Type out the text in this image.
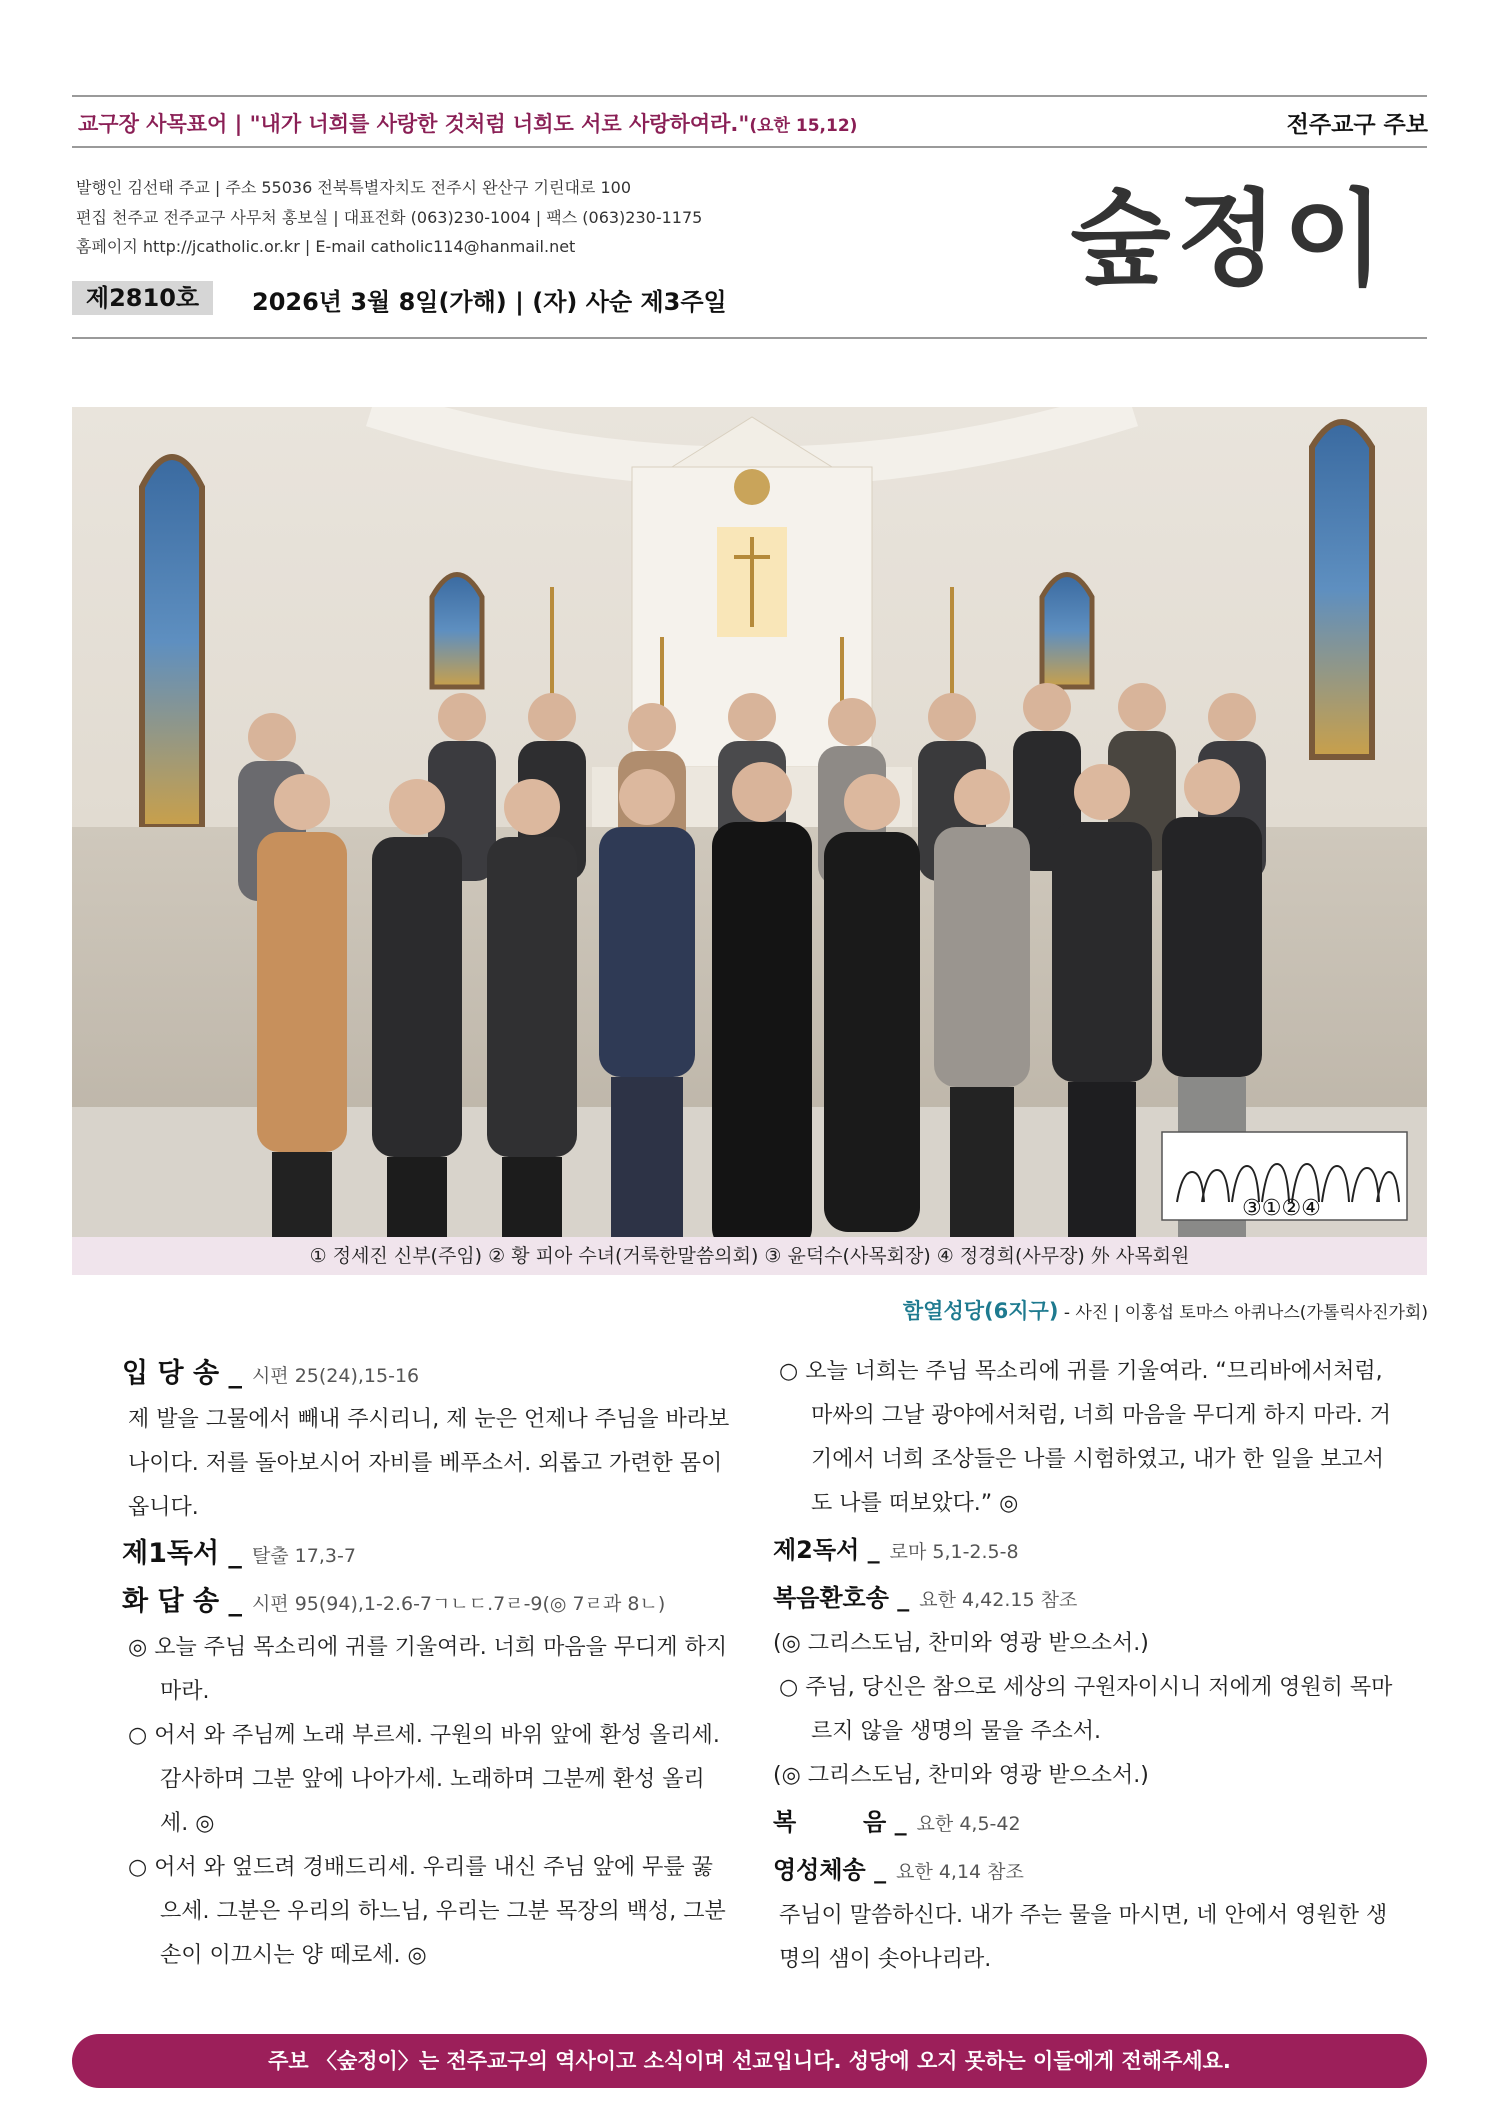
교구장 사목표어 | "내가 너희를 사랑한 것처럼 너희도 서로 사랑하여라."(요한 15,12)	전주교구 주보
발행인 김선태 주교 | 주소 55036 전북특별자치도 전주시 완산구 기린대로 100
편집 천주교 전주교구 사무처 홍보실 | 대표전화 (063)230-1004 | 팩스 (063)230-1175
홈페이지 http://jcatholic.or.kr | E-mail catholic114@hanmail.net
제2810호	2026년 3월 8일(가해) | (자) 사순 제3주일
숲정이
③①②④
① 정세진 신부(주임) ② 황 피아 수녀(거룩한말씀의회) ③ 윤덕수(사목회장) ④ 정경희(사무장) 外 사목회원
함열성당(6지구) - 사진 | 이홍섭 토마스 아퀴나스(가톨릭사진가회)
입 당 송 _ 시편 25(24),15-16
제 발을 그물에서 빼내 주시리니, 제 눈은 언제나 주님을 바라보나이다. 저를 돌아보시어 자비를 베푸소서. 외롭고 가련한 몸이옵니다.
제1독서 _ 탈출 17,3-7
화 답 송 _ 시편 95(94),1-2.6-7ㄱㄴㄷ.7ㄹ-9(◎ 7ㄹ과 8ㄴ)
◎ 오늘 주님 목소리에 귀를 기울여라. 너희 마음을 무디게 하지 마라.
○ 어서 와 주님께 노래 부르세. 구원의 바위 앞에 환성 올리세. 감사하며 그분 앞에 나아가세. 노래하며 그분께 환성 올리세. ◎
○ 어서 와 엎드려 경배드리세. 우리를 내신 주님 앞에 무릎 꿇으세. 그분은 우리의 하느님, 우리는 그분 목장의 백성, 그분 손이 이끄시는 양 떼로세. ◎
○ 오늘 너희는 주님 목소리에 귀를 기울여라. “므리바에서처럼, 마싸의 그날 광야에서처럼, 너희 마음을 무디게 하지 마라. 거기에서 너희 조상들은 나를 시험하였고, 내가 한 일을 보고서도 나를 떠보았다.” ◎
제2독서 _ 로마 5,1-2.5-8
복음환호송 _ 요한 4,42.15 참조
(◎ 그리스도님, 찬미와 영광 받으소서.)
○ 주님, 당신은 참으로 세상의 구원자이시니 저에게 영원히 목마르지 않을 생명의 물을 주소서.
(◎ 그리스도님, 찬미와 영광 받으소서.)
복        음 _ 요한 4,5-42
영성체송 _ 요한 4,14 참조
주님이 말씀하신다. 내가 주는 물을 마시면, 네 안에서 영원한 생명의 샘이 솟아나리라.
주보 〈숲정이〉는 전주교구의 역사이고 소식이며 선교입니다. 성당에 오지 못하는 이들에게 전해주세요.
